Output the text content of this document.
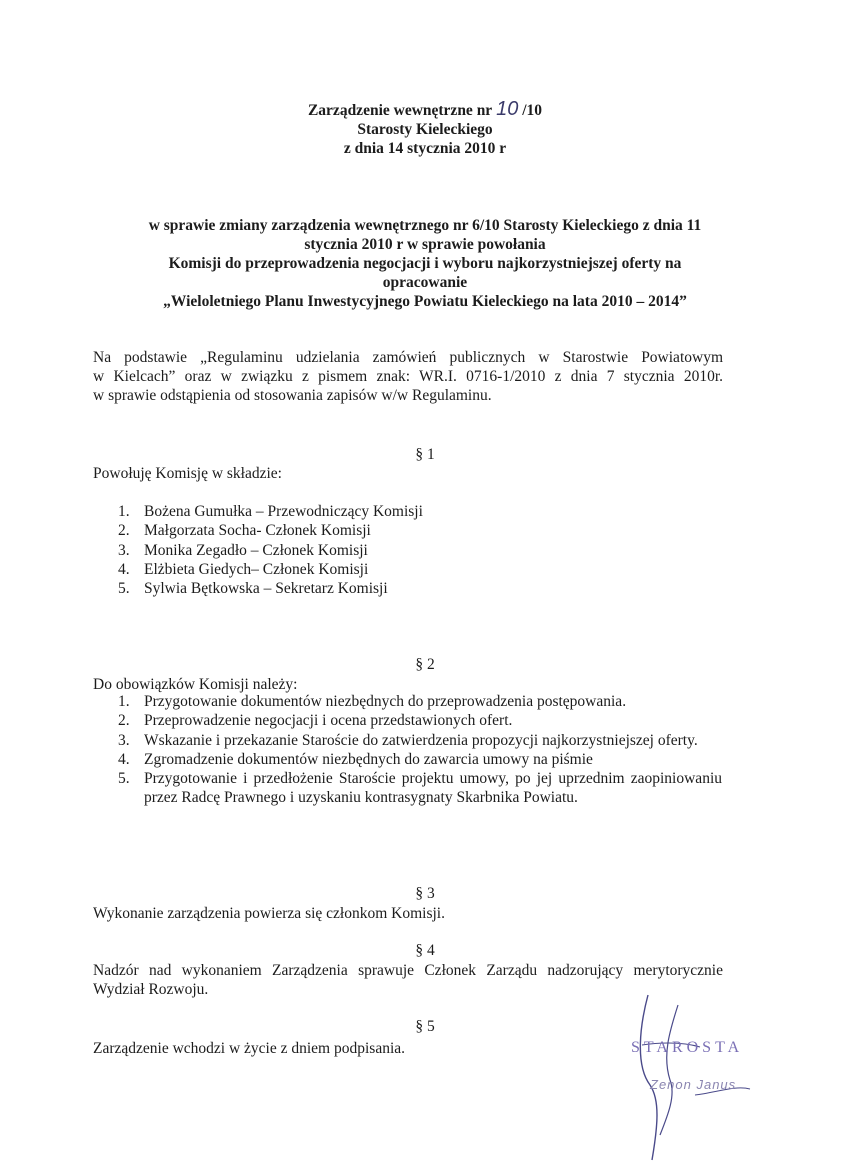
Zarządzenie wewnętrzne nr 10 /10
Starosty Kieleckiego
z dnia 14 stycznia 2010 r
w sprawie zmiany zarządzenia wewnętrznego nr 6/10 Starosty Kieleckiego z dnia 11
stycznia 2010 r w sprawie powołania
Komisji do przeprowadzenia negocjacji i wyboru najkorzystniejszej oferty na
opracowanie
„Wieloletniego Planu Inwestycyjnego Powiatu Kieleckiego na lata 2010 – 2014”
Na podstawie „Regulaminu udzielania zamówień publicznych w Starostwie Powiatowym
w Kielcach” oraz w związku z pismem znak: WR.I. 0716-1/2010 z dnia 7 stycznia 2010r.
w sprawie odstąpienia od stosowania zapisów w/w Regulaminu.
§ 1
Powołuję Komisję w składzie:
1. Bożena Gumułka – Przewodniczący Komisji
2. Małgorzata Socha- Członek Komisji
3. Monika Zegadło – Członek Komisji
4. Elżbieta Giedych– Członek Komisji
5. Sylwia Bętkowska – Sekretarz Komisji
§ 2
Do obowiązków Komisji należy:
1. Przygotowanie dokumentów niezbędnych do przeprowadzenia postępowania.
2. Przeprowadzenie negocjacji i ocena przedstawionych ofert.
3. Wskazanie i przekazanie Staroście do zatwierdzenia propozycji najkorzystniejszej oferty.
4. Zgromadzenie dokumentów niezbędnych do zawarcia umowy na piśmie
5. Przygotowanie i przedłożenie Staroście projektu umowy, po jej uprzednim zaopiniowaniu przez Radcę Prawnego i uzyskaniu kontrasygnaty Skarbnika Powiatu.
§ 3
Wykonanie zarządzenia powierza się członkom Komisji.
§ 4
Nadzór nad wykonaniem Zarządzenia sprawuje Członek Zarządu nadzorujący merytorycznie
Wydział Rozwoju.
§ 5
Zarządzenie wchodzi w życie z dniem podpisania.	STAROSTA
Zenon Janus
